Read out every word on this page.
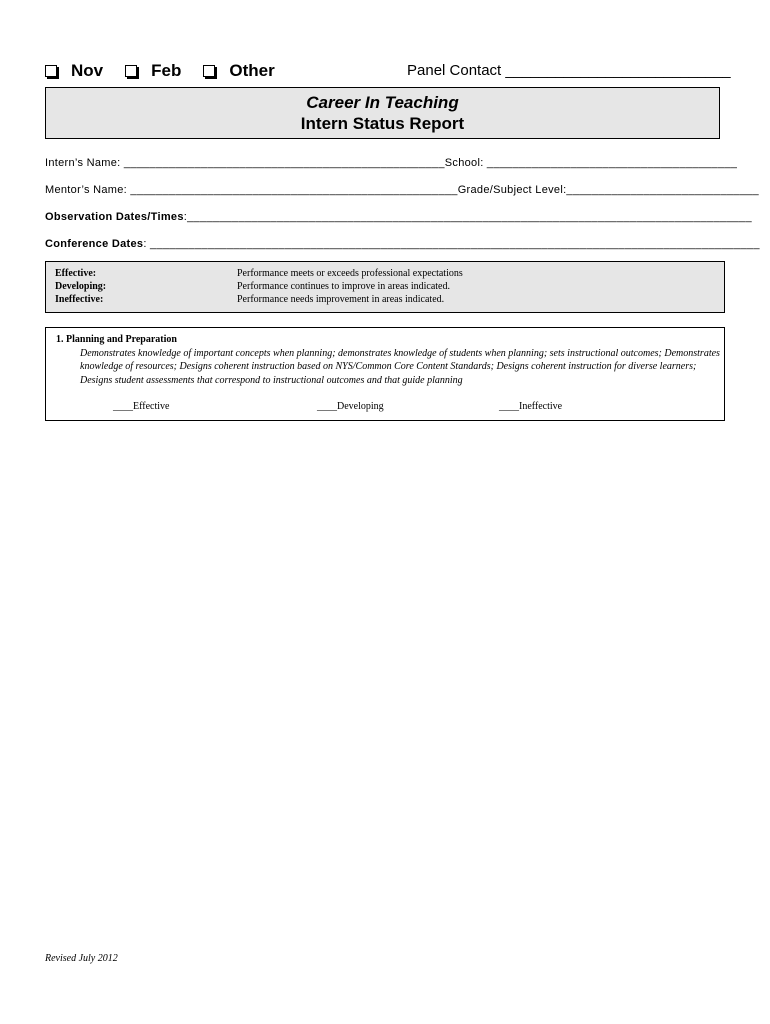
Nov	Feb	Other	Panel Contact ___________________________
Career In Teaching
Intern Status Report
Intern’s Name: __________________________________________________School: _______________________________________
Mentor’s Name: ___________________________________________________Grade/Subject Level:______________________________
Observation Dates/Times:________________________________________________________________________________________
Conference Dates: _______________________________________________________________________________________________
Effective:	Performance meets or exceeds professional expectations
Developing:	Performance continues to improve in areas indicated.
Ineffective:	Performance needs improvement in areas indicated.
1. Planning and Preparation
Demonstrates knowledge of important concepts when planning; demonstrates knowledge of students when planning; sets instructional outcomes; Demonstrates knowledge of resources; Designs coherent instruction based on NYS/Common Core Content Standards; Designs coherent instruction for diverse learners; Designs student assessments that correspond to instructional outcomes and that guide planning
____Effective	____Developing	____Ineffective
Revised July 2012
